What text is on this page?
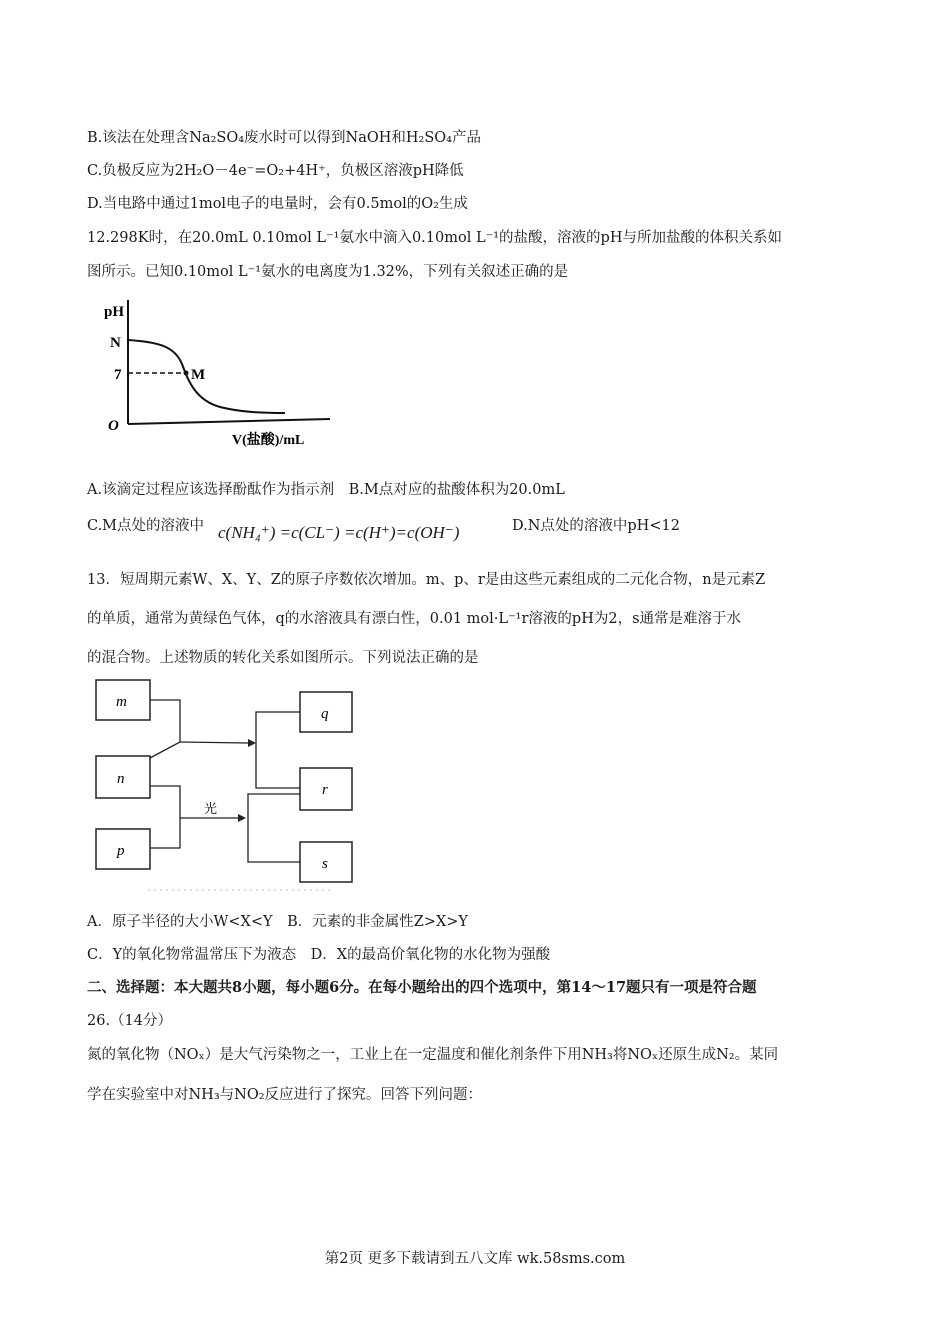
B.该法在处理含Na₂SO₄废水时可以得到NaOH和H₂SO₄产品
C.负极反应为2H₂O－4e⁻=O₂+4H⁺，负极区溶液pH降低
D.当电路中通过1mol电子的电量时，会有0.5mol的O₂生成
12.298K时，在20.0mL 0.10mol L⁻¹氨水中滴入0.10mol L⁻¹的盐酸，溶液的pH与所加盐酸的体积关系如
图所示。已知0.10mol L⁻¹氨水的电离度为1.32%，下列有关叙述正确的是
pH
N
7	M
O
V(盐酸)/mL
A.该滴定过程应该选择酚酞作为指示剂　B.M点对应的盐酸体积为20.0mL
C.M点处的溶液中 c(NH₄⁺) =c(CL⁻) =c(H⁺)=c(OH⁻)	D.N点处的溶液中pH<12
13．短周期元素W、X、Y、Z的原子序数依次增加。m、p、r是由这些元素组成的二元化合物，n是元素Z
的单质，通常为黄绿色气体，q的水溶液具有漂白性，0.01 mol·L⁻¹r溶液的pH为2，s通常是难溶于水
的混合物。上述物质的转化关系如图所示。下列说法正确的是
m
n
p
q
r
s
光
A．原子半径的大小W<X<Y　B．元素的非金属性Z>X>Y
C．Y的氧化物常温常压下为液态　D．X的最高价氧化物的水化物为强酸
二、选择题：本大题共8小题，每小题6分。在每小题给出的四个选项中，第14～17题只有一项是符合题
26.（14分）
氮的氧化物（NOₓ）是大气污染物之一，工业上在一定温度和催化剂条件下用NH₃将NOₓ还原生成N₂。某同
学在实验室中对NH₃与NO₂反应进行了探究。回答下列问题：
第2页 更多下载请到五八文库 wk.58sms.com
